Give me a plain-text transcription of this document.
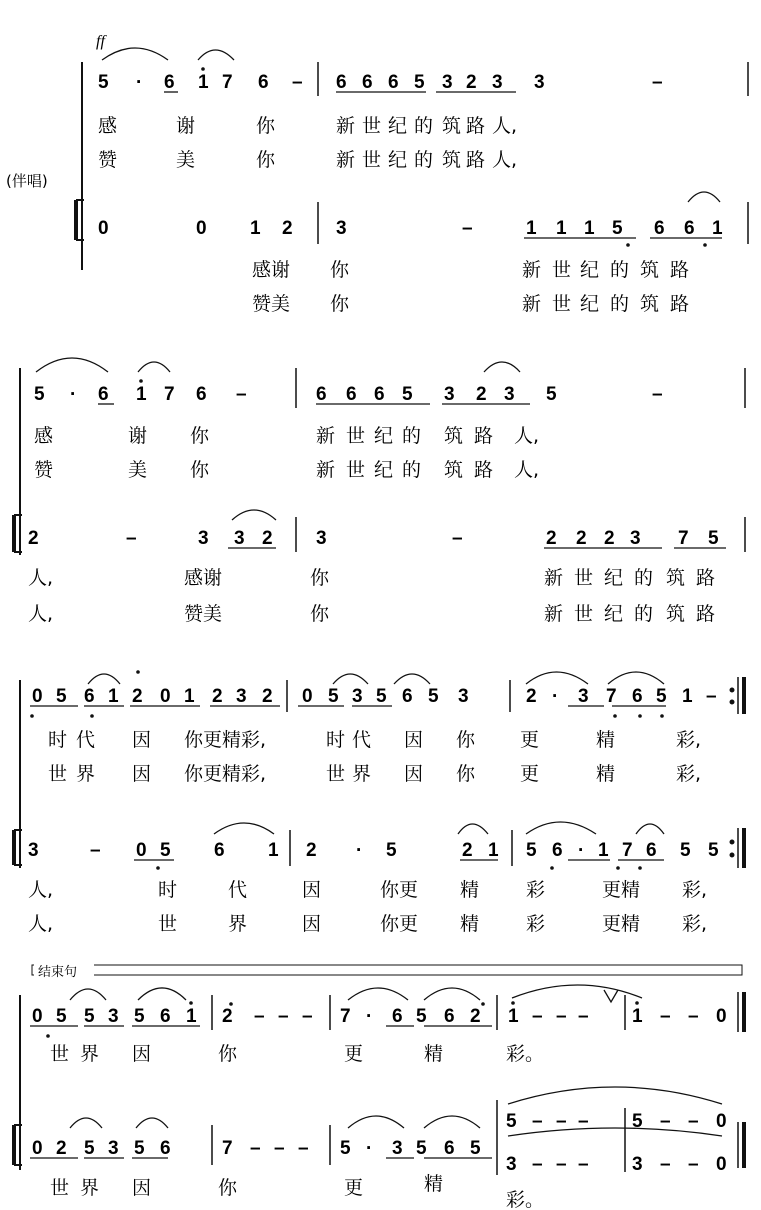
ff
(伴唱)
结束句
5 · 6 1 7 6 – 6 6 6 5 3 2 3 3	–
0	0 1 2 3	–	1 1 1 5 6 6 1
5 · 6 1 7 6 –	6 6 6 5 3 2 3 5	–
2	–	3 3 2 3	–	2 2 2 3 7 5
0 5 6 1 2 0 1 2 3 2 0 5 3 5 6 5 3	2 · 3 7 6 5 1 –
3	– 0 5 6 1 2 · 5	2 1 5 6 · 1 7 6 5 5
0 5 5 3 5 6 1 2 – – – 7 · 6 5 6 2 1 – – – 1 – – 0
0 2 5 3 5 6	7 – – – 5 · 3 5 6 5
5 – – – 5 – – 0
3 – – – 3 – – 0
感	谢	你	新 世 纪 的 筑 路 人,
赞	美	你	新 世 纪 的 筑 路 人,
感谢 你	新 世 纪 的 筑 路
赞美 你	新 世 纪 的 筑 路
感	谢 你	新 世 纪 的 筑 路 人,
赞	美 你	新 世 纪 的 筑 路 人,
人,	感谢	你	新 世 纪 的 筑 路
人,	赞美	你	新 世 纪 的 筑 路
时 代 因 你更精彩,	时 代 因 你 更	精	彩,
世 界 因 你更精彩,	世 界 因 你 更	精	彩,
人,	时	代	因	你更 精 彩	更精 彩,
人,	世	界	因	你更 精 彩	更精 彩,
世 界 因	你	更	精	彩。
世 界 因	你	更	精
彩。
